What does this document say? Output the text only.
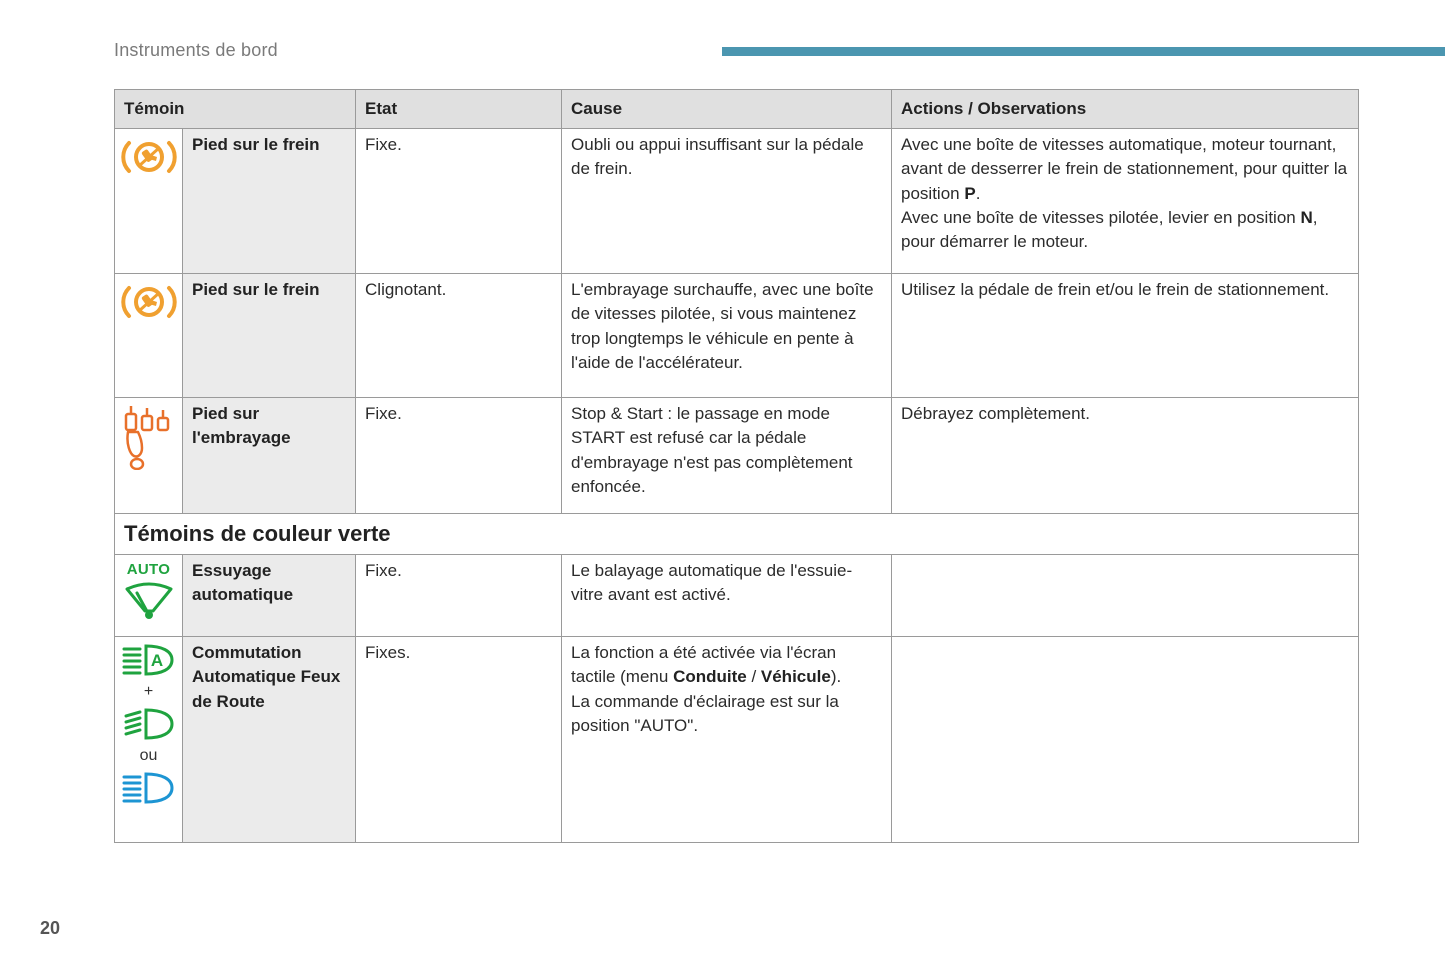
Instruments de bord
Témoin		Etat	Cause	Actions / Observations

	Pied sur le frein	Fixe.	Oubli ou appui insuffisant sur la pédale de frein.	Avec une boîte de vitesses automatique, moteur tournant, avant de desserrer le frein de stationnement, pour quitter la position P.
Avec une boîte de vitesses pilotée, levier en position N, pour démarrer le moteur.

	Pied sur le frein	Clignotant.	L'embrayage surchauffe, avec une boîte de vitesses pilotée, si vous maintenez trop longtemps le véhicule en pente à l'aide de l'accélérateur.	Utilisez la pédale de frein et/ou le frein de stationnement.

	Pied sur l'embrayage	Fixe.	Stop & Start : le passage en mode START est refusé car la pédale d'embrayage n'est pas complètement enfoncée.	Débrayez complètement.
Témoins de couleur verte				

AUTO	Essuyage automatique	Fixe.	Le balayage automatique de l'essuie-vitre avant est activé.	

A
+
ou	Commutation Automatique Feux de Route	Fixes.	La fonction a été activée via l'écran tactile (menu Conduite / Véhicule).
La commande d'éclairage est sur la position "AUTO".	
20
